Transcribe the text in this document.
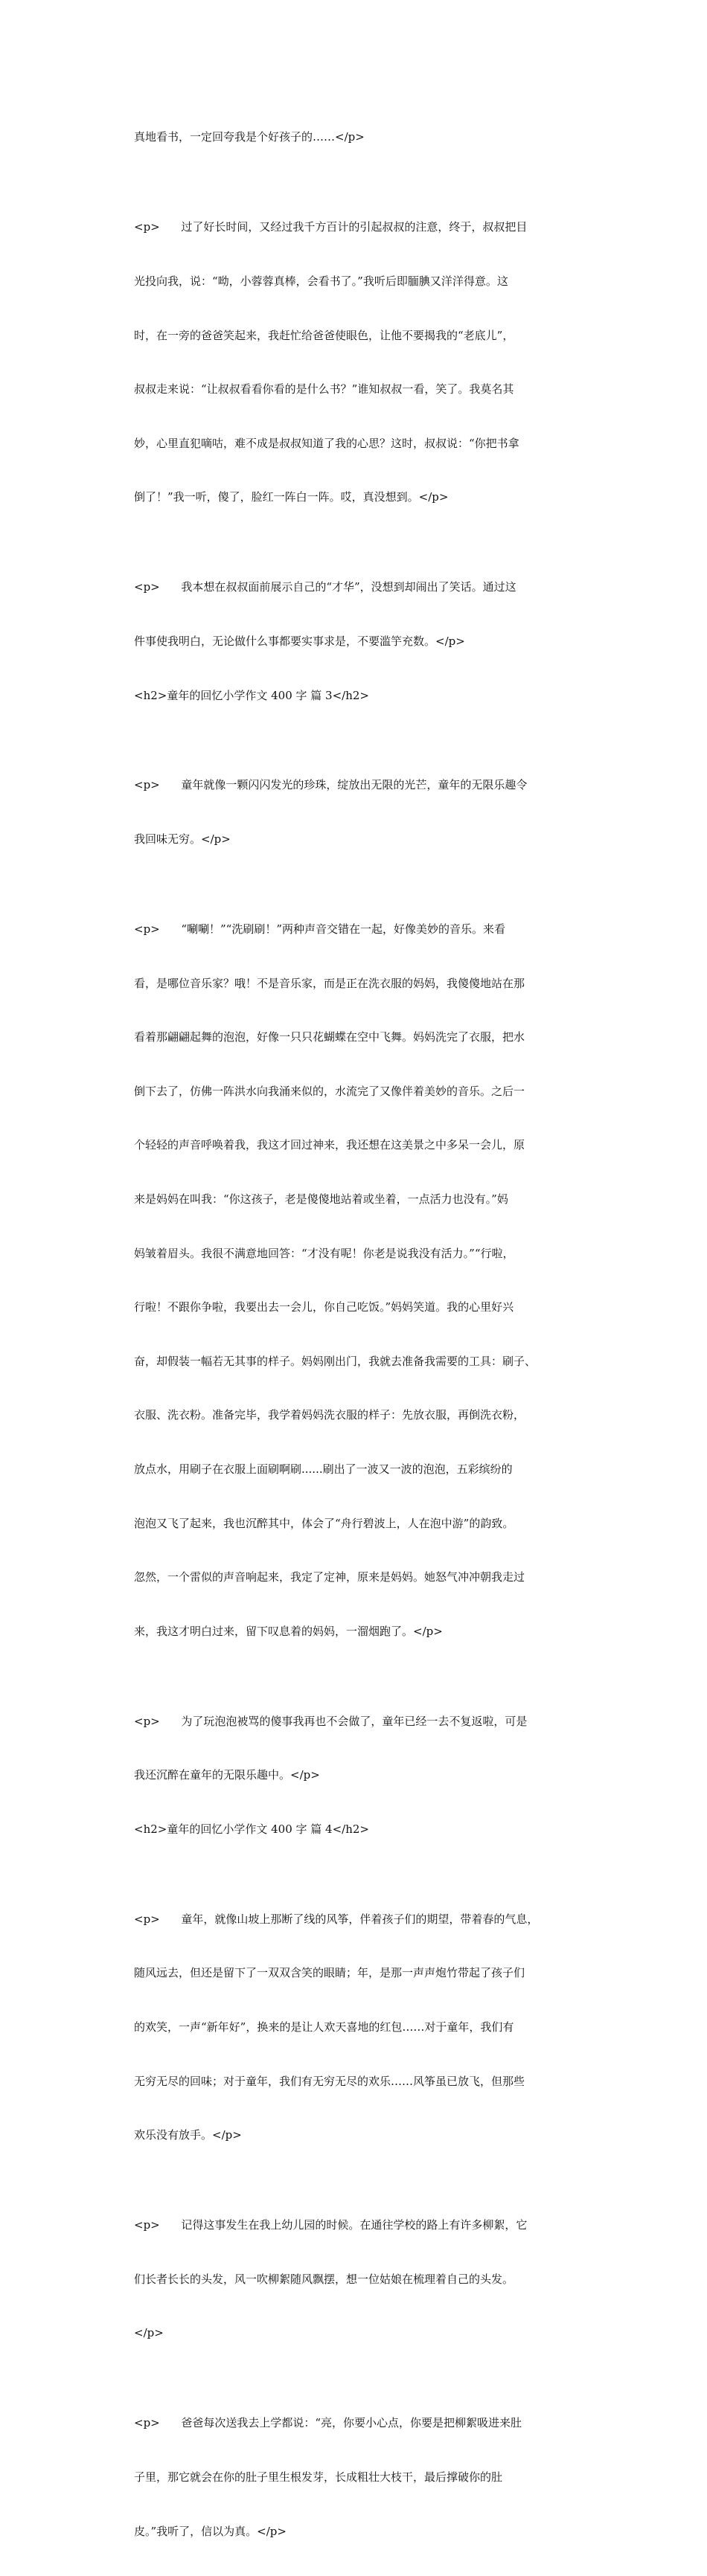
真地看书，一定回夸我是个好孩子的……</p>

<p>      过了好长时间，又经过我千方百计的引起叔叔的注意，终于，叔叔把目

光投向我，说：“呦，小蓉蓉真棒，会看书了。”我听后即腼腆又洋洋得意。这

时，在一旁的爸爸笑起来，我赶忙给爸爸使眼色，让他不要揭我的“老底儿”，

叔叔走来说：“让叔叔看看你看的是什么书？”谁知叔叔一看，笑了。我莫名其

妙，心里直犯嘀咕，难不成是叔叔知道了我的心思？这时，叔叔说：“你把书拿

倒了！”我一听，傻了，脸红一阵白一阵。哎，真没想到。</p>

<p>      我本想在叔叔面前展示自己的“才华”，没想到却闹出了笑话。通过这

件事使我明白，无论做什么事都要实事求是，不要滥竽充数。</p>

<h2>童年的回忆小学作文 400 字 篇 3</h2>

<p>      童年就像一颗闪闪发光的珍珠，绽放出无限的光芒，童年的无限乐趣令

我回味无穷。</p>

<p>      “唰唰！”“洗刷刷！”两种声音交错在一起，好像美妙的音乐。来看

看，是哪位音乐家？哦！不是音乐家，而是正在洗衣服的妈妈，我傻傻地站在那

看着那翩翩起舞的泡泡，好像一只只花蝴蝶在空中飞舞。妈妈洗完了衣服，把水

倒下去了，仿佛一阵洪水向我涌来似的，水流完了又像伴着美妙的音乐。之后一

个轻轻的声音呼唤着我，我这才回过神来，我还想在这美景之中多呆一会儿，原

来是妈妈在叫我：“你这孩子，老是傻傻地站着或坐着，一点活力也没有。”妈

妈皱着眉头。我很不满意地回答：“才没有呢！你老是说我没有活力。”“行啦，

行啦！不跟你争啦，我要出去一会儿，你自己吃饭。”妈妈笑道。我的心里好兴

奋，却假装一幅若无其事的样子。妈妈刚出门，我就去准备我需要的工具：刷子、

衣服、洗衣粉。准备完毕，我学着妈妈洗衣服的样子：先放衣服，再倒洗衣粉，

放点水，用刷子在衣服上面刷啊刷......刷出了一波又一波的泡泡，五彩缤纷的

泡泡又飞了起来，我也沉醉其中，体会了“舟行碧波上，人在泡中游”的韵致。

忽然，一个雷似的声音响起来，我定了定神，原来是妈妈。她怒气冲冲朝我走过

来，我这才明白过来，留下叹息着的妈妈，一溜烟跑了。</p>

<p>      为了玩泡泡被骂的傻事我再也不会做了，童年已经一去不复返啦，可是

我还沉醉在童年的无限乐趣中。</p>

<h2>童年的回忆小学作文 400 字 篇 4</h2>

<p>      童年，就像山坡上那断了线的风筝，伴着孩子们的期望，带着春的气息，

随风远去，但还是留下了一双双含笑的眼睛；年，是那一声声炮竹带起了孩子们

的欢笑，一声“新年好”，换来的是让人欢天喜地的红包……对于童年，我们有

无穷无尽的回味；对于童年，我们有无穷无尽的欢乐……风筝虽已放飞，但那些

欢乐没有放手。</p>

<p>      记得这事发生在我上幼儿园的时候。在通往学校的路上有许多柳絮，它

们长者长长的头发，风一吹柳絮随风飘摆，想一位姑娘在梳理着自己的头发。

</p>

<p>      爸爸每次送我去上学都说：“亮，你要小心点，你要是把柳絮吸进来肚

子里，那它就会在你的肚子里生根发芽，长成粗壮大枝干，最后撑破你的肚

皮。”我听了，信以为真。</p>
